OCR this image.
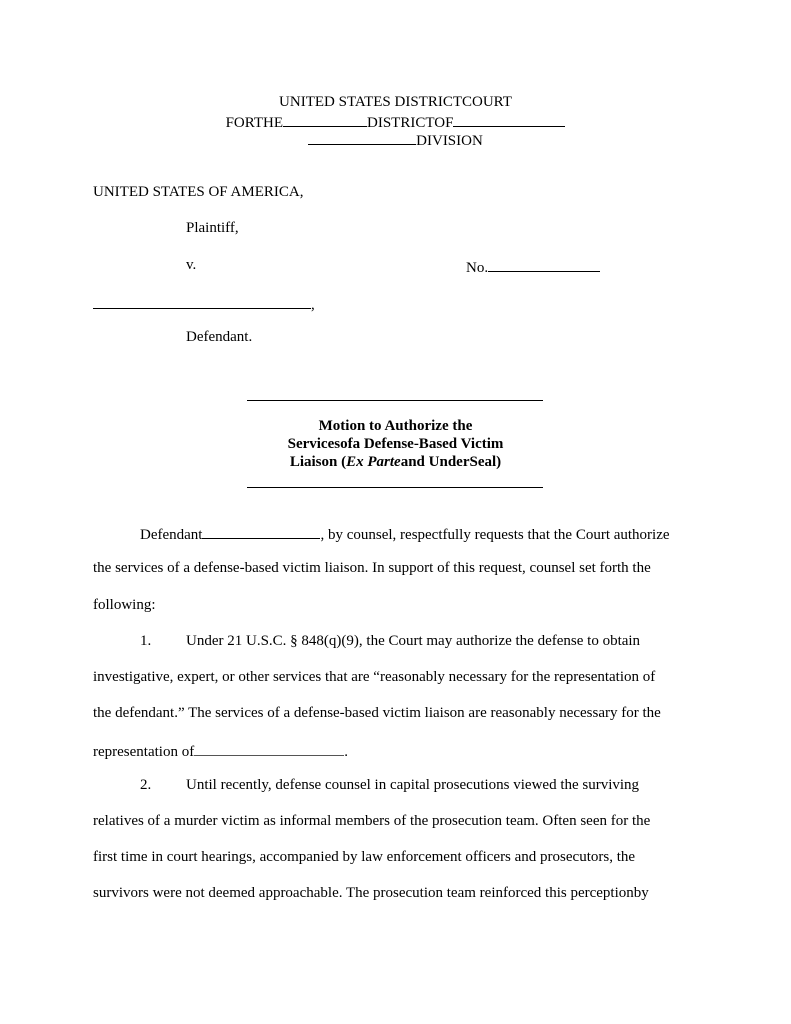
UNITED STATES DISTRICTCOURT
FORTHE	DISTRICTOF
DIVISION
UNITED STATES OF AMERICA,
Plaintiff,
v.	No.
,
Defendant.
Motion to Authorize the
Servicesofa Defense-Based Victim
Liaison (Ex Parteand UnderSeal)
Defendant	, by counsel, respectfully requests that the Court authorize
the services of a defense-based victim liaison. In support of this request, counsel set forth the
following:
1. Under 21 U.S.C. § 848(q)(9), the Court may authorize the defense to obtain
investigative, expert, or other services that are “reasonably necessary for the representation of
the defendant.” The services of a defense-based victim liaison are reasonably necessary for the
representation of	.
2. Until recently, defense counsel in capital prosecutions viewed the surviving
relatives of a murder victim as informal members of the prosecution team. Often seen for the
first time in court hearings, accompanied by law enforcement officers and prosecutors, the
survivors were not deemed approachable. The prosecution team reinforced this perceptionby
